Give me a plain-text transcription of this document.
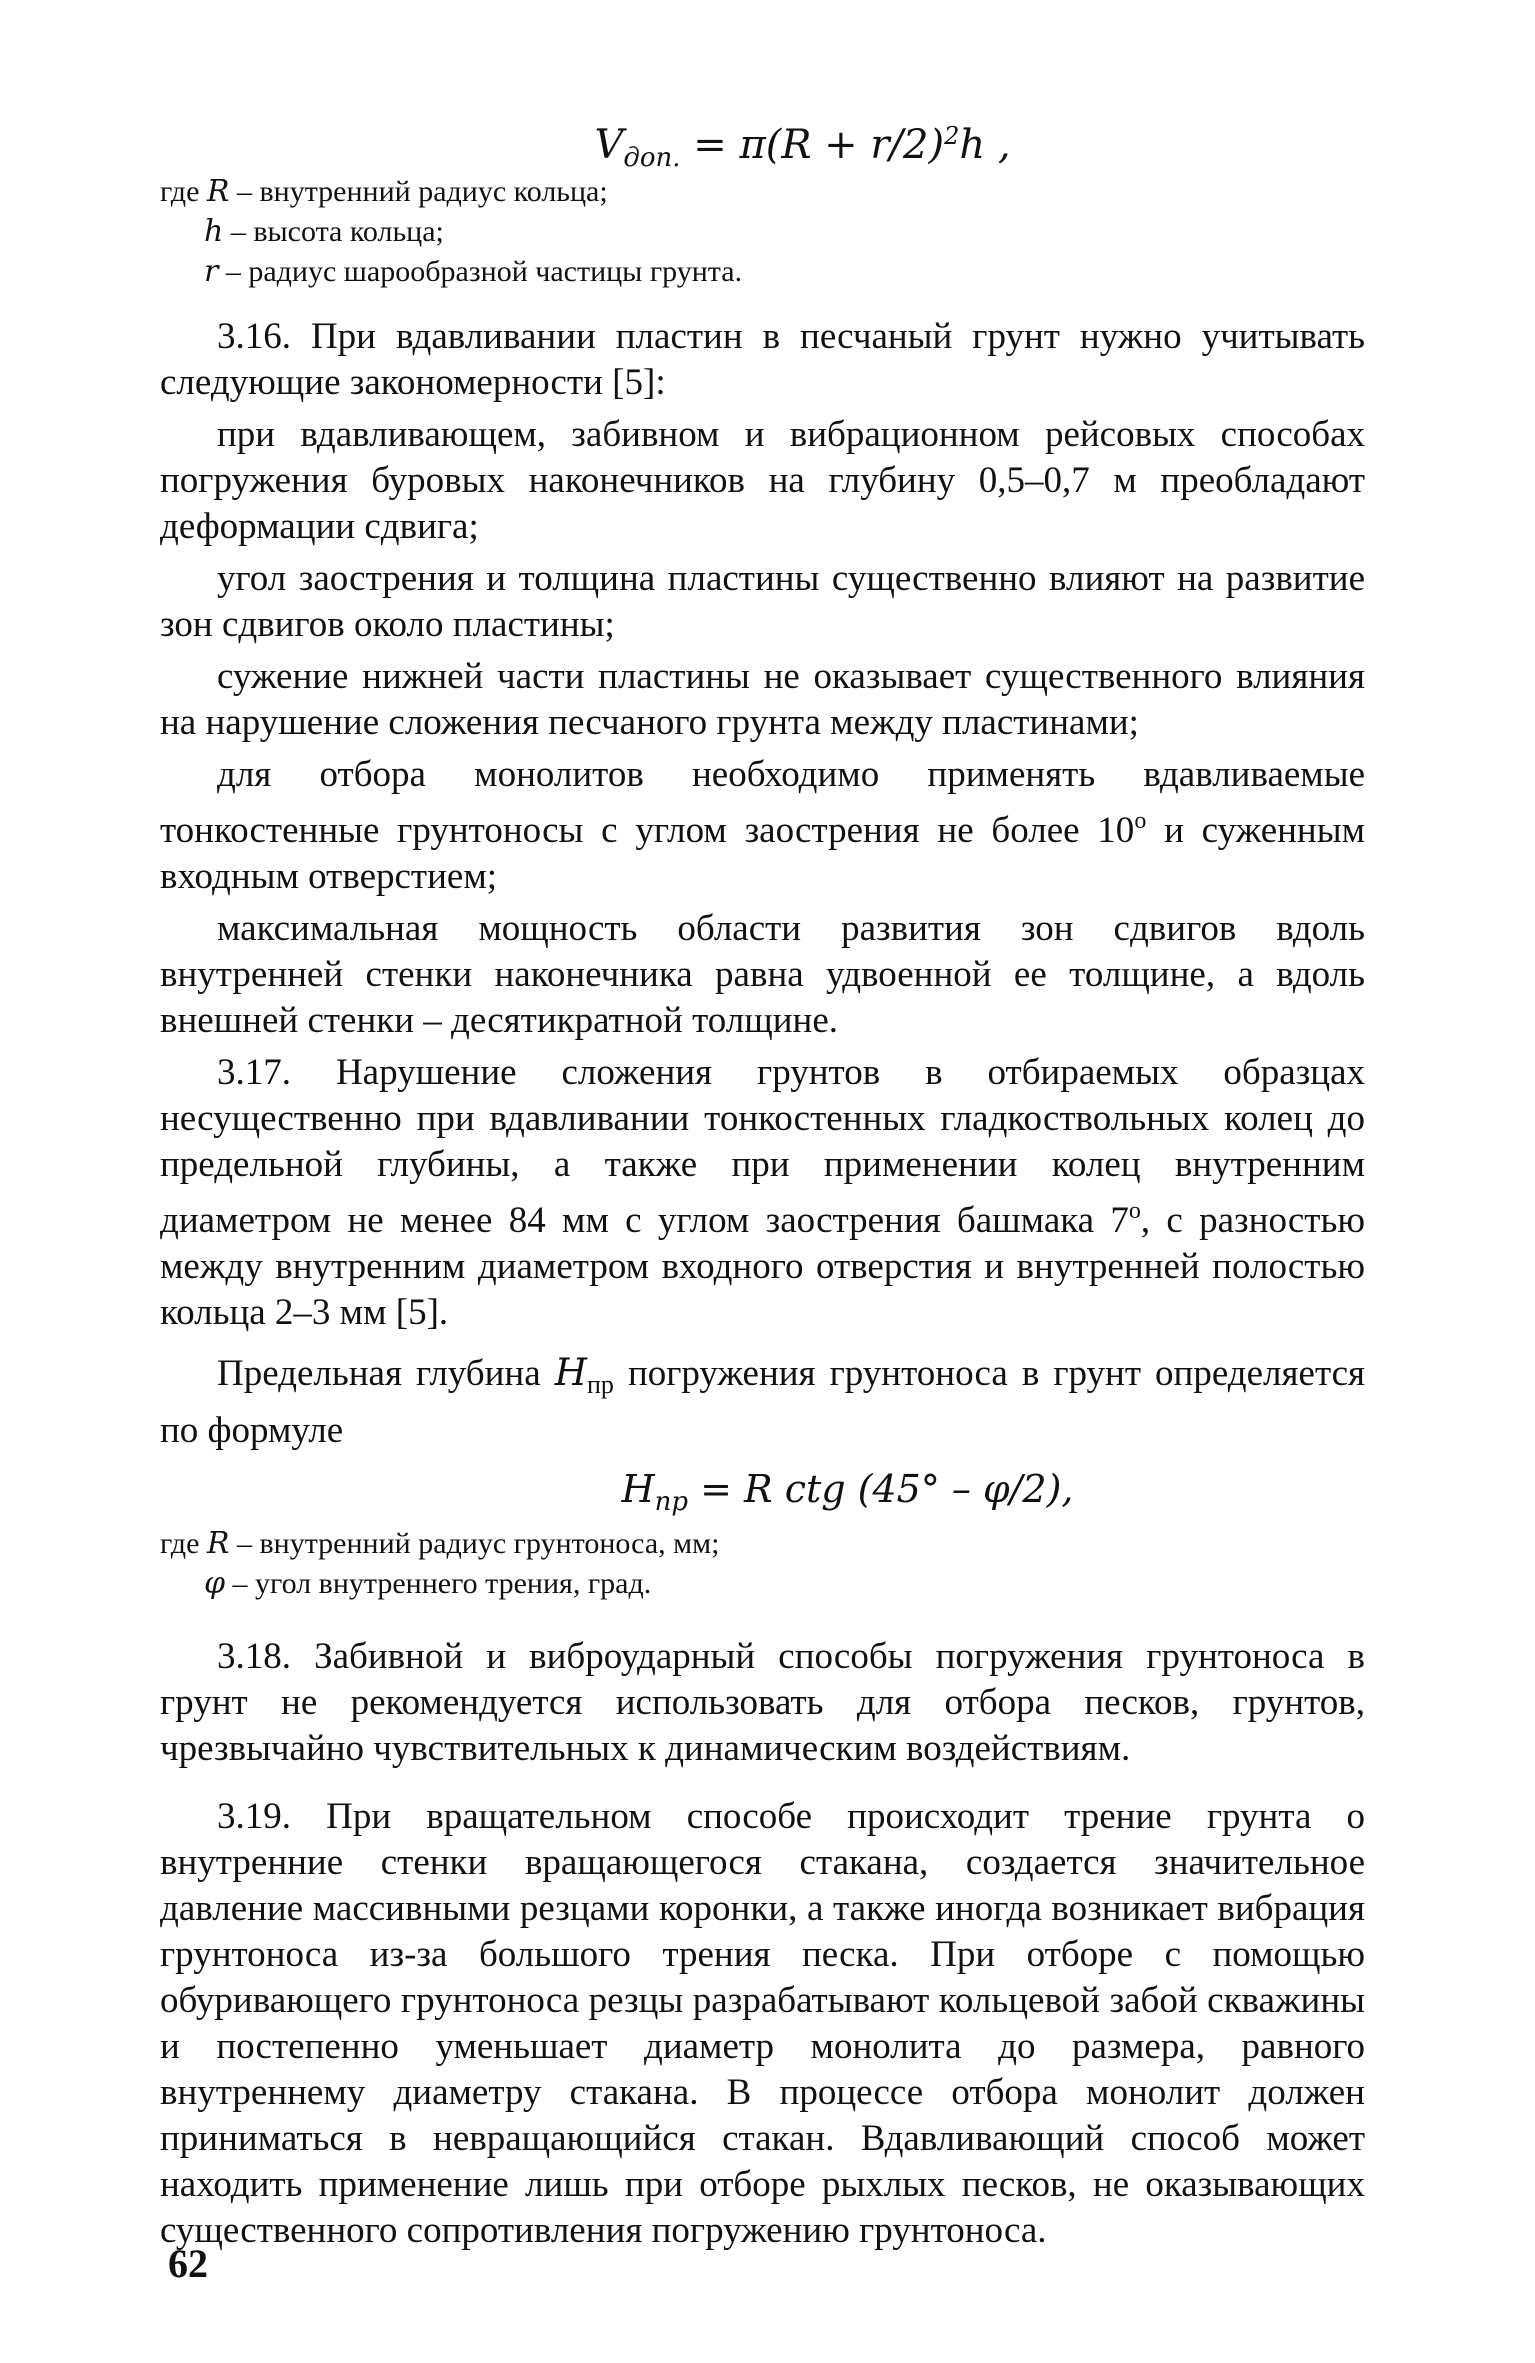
$V_{доп.} = \pi(R + r/2)^2h$ ,
где R – внутренний радиус кольца;
h – высота кольца;
r – радиус шарообразной частицы грунта.

3.16. При вдавливании пластин в песчаный грунт нужно учитывать следующие закономерности [5]:

при вдавливающем, забивном и вибрационном рейсовых способах погружения буровых наконечников на глубину 0,5–0,7 м преобладают деформации сдвига;

угол заострения и толщина пластины существенно влияют на развитие зон сдвигов около пластины;

сужение нижней части пластины не оказывает существенного влияния на нарушение сложения песчаного грунта между пластинами;

для отбора монолитов необходимо применять вдавливаемые тонкостенные грунтоносы с углом заострения не более $10^о$ и суженным входным отверстием;

максимальная мощность области развития зон сдвигов вдоль внутренней стенки наконечника равна удвоенной ее толщине, а вдоль внешней стенки – десятикратной толщине.

3.17. Нарушение сложения грунтов в отбираемых образцах несущественно при вдавливании тонкостенных гладкоствольных колец до предельной глубины, а также при применении колец внутренним диаметром не менее 84 мм с углом заострения башмака $7^о$, с разностью между внутренним диаметром входного отверстия и внутренней полостью кольца 2–3 мм [5].

Предельная глубина $H_{пр}$ погружения грунтоноса в грунт определяется по формуле

$H_{пр} = R$ ctg (45° – φ/2),
где R – внутренний радиус грунтоноса, мм;
φ – угол внутреннего трения, град.

3.18. Забивной и виброударный способы погружения грунтоноса в грунт не рекомендуется использовать для отбора песков, грунтов, чрезвычайно чувствительных к динамическим воздействиям.

3.19. При вращательном способе происходит трение грунта о внутренние стенки вращающегося стакана, создается значительное давление массивными резцами коронки, а также иногда возникает вибрация грунтоноса из-за большого трения песка. При отборе с помощью обуривающего грунтоноса резцы разрабатывают кольцевой забой скважины и постепенно уменьшает диаметр монолита до размера, равного внутреннему диаметру стакана. В процессе отбора монолит должен приниматься в невращающийся стакан. Вдавливающий способ может находить применение лишь при отборе рыхлых песков, не оказывающих существенного сопротивления погружению грунтоноса.

62
